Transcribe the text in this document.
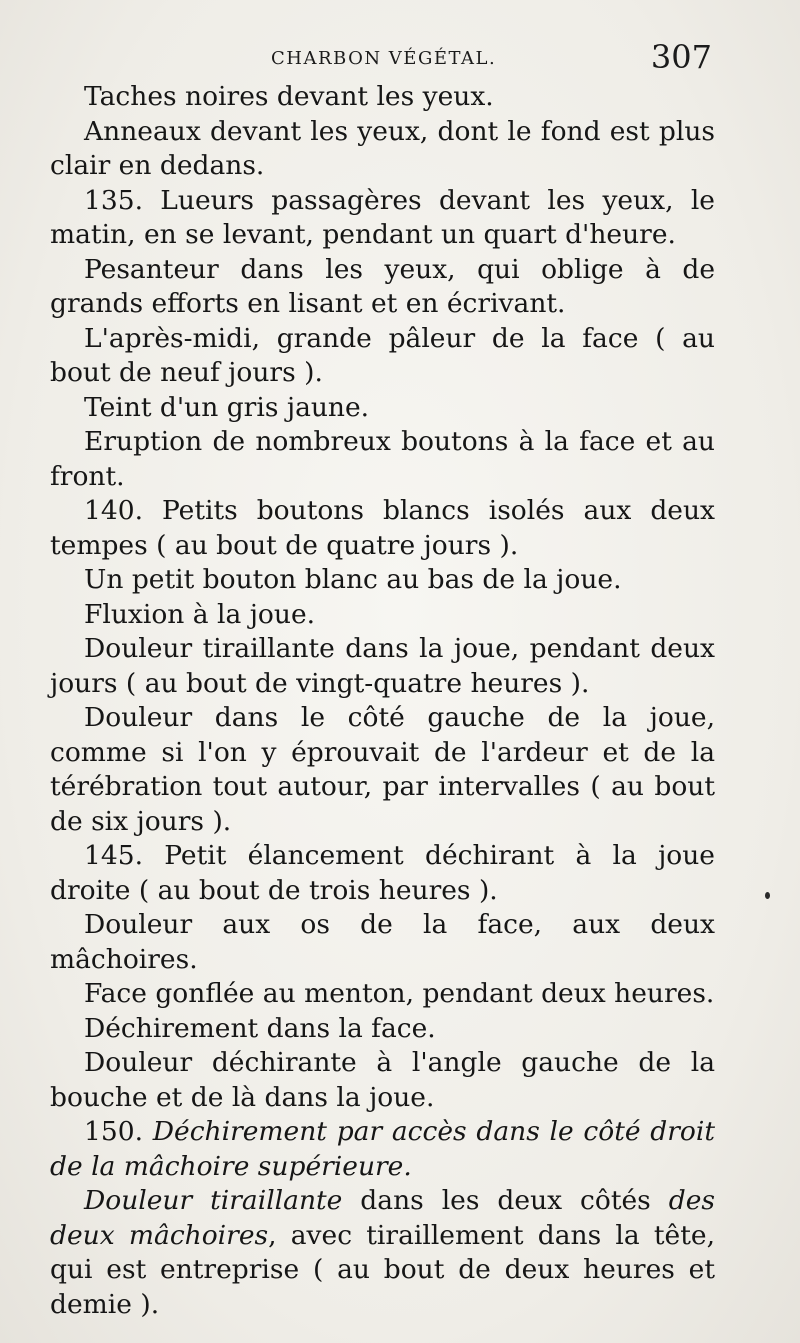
CHARBON VÉGÉTAL.	307

Taches noires devant les yeux.

Anneaux devant les yeux, dont le fond est plus clair en dedans.

135. Lueurs passagères devant les yeux, le matin, en se levant, pendant un quart d'heure.

Pesanteur dans les yeux, qui oblige à de grands efforts en lisant et en écrivant.

L'après-midi, grande pâleur de la face ( au bout de neuf jours ).

Teint d'un gris jaune.

Eruption de nombreux boutons à la face et au front.

140. Petits boutons blancs isolés aux deux tempes ( au bout de quatre jours ).

Un petit bouton blanc au bas de la joue.

Fluxion à la joue.

Douleur tiraillante dans la joue, pendant deux jours ( au bout de vingt-quatre heures ).

Douleur dans le côté gauche de la joue, comme si l'on y éprouvait de l'ardeur et de la térébration tout autour, par intervalles ( au bout de six jours ).

145. Petit élancement déchirant à la joue droite ( au bout de trois heures ).

Douleur aux os de la face, aux deux mâchoires.

Face gonflée au menton, pendant deux heures.

Déchirement dans la face.

Douleur déchirante à l'angle gauche de la bouche et de là dans la joue.

150. Déchirement par accès dans le côté droit de la mâchoire supérieure.

Douleur tiraillante dans les deux côtés des deux mâchoires, avec tiraillement dans la tête, qui est entreprise ( au bout de deux heures et demie ).
